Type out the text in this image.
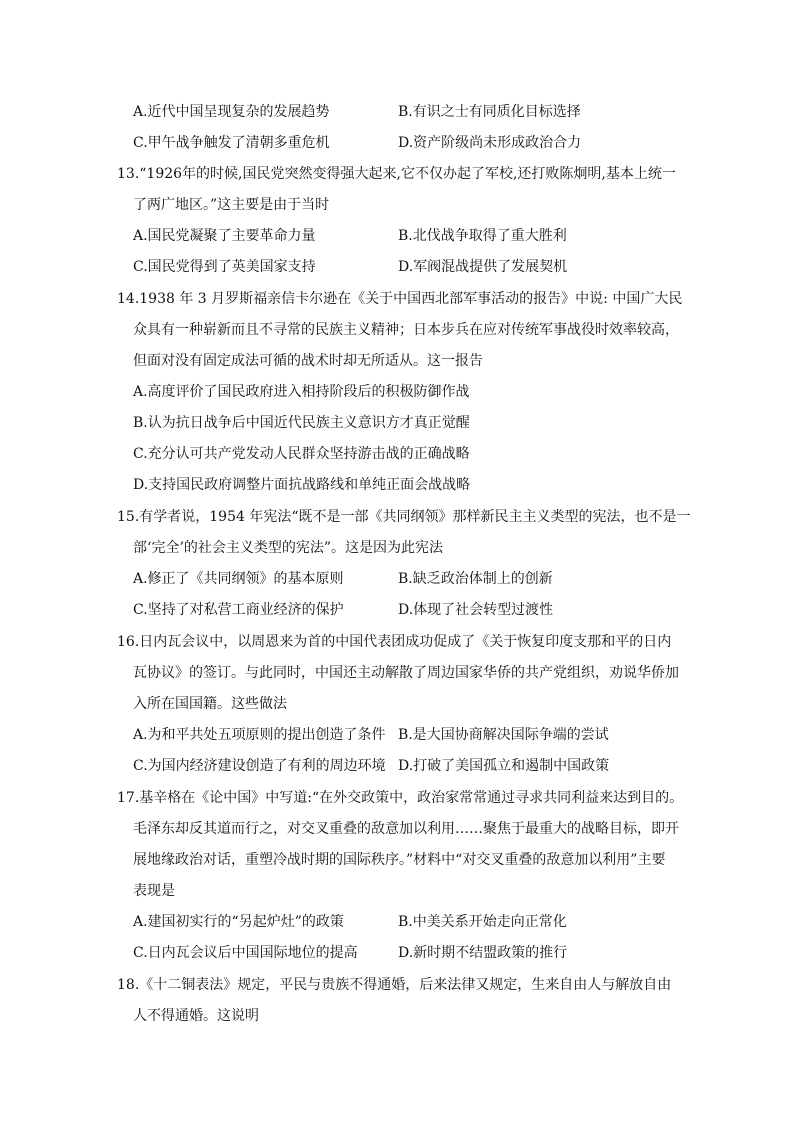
A.近代中国呈现复杂的发展趋势	B.有识之士有同质化目标选择
C.甲午战争触发了清朝多重危机	D.资产阶级尚未形成政治合力
13.“1926年的时候,国民党突然变得强大起来,它不仅办起了军校,还打败陈炯明,基本上统一
了两广地区。”这主要是由于当时
A.国民党凝聚了主要革命力量	B.北伐战争取得了重大胜利
C.国民党得到了英美国家支持	D.军阀混战提供了发展契机
14.1938 年 3 月罗斯福亲信卡尔逊在《关于中国西北部军事活动的报告》中说: 中国广大民
众具有一种崭新而且不寻常的民族主义精神；日本步兵在应对传统军事战役时效率较高，
但面对没有固定成法可循的战术时却无所适从。这一报告
A.高度评价了国民政府进入相持阶段后的积极防御作战
B.认为抗日战争后中国近代民族主义意识方才真正觉醒
C.充分认可共产党发动人民群众坚持游击战的正确战略
D.支持国民政府调整片面抗战路线和单纯正面会战战略
15.有学者说，1954 年宪法“既不是一部《共同纲领》那样新民主主义类型的宪法，也不是一
部‘完全’的社会主义类型的宪法”。这是因为此宪法
A.修正了《共同纲领》的基本原则	B.缺乏政治体制上的创新
C.坚持了对私营工商业经济的保护	D.体现了社会转型过渡性
16.日内瓦会议中，以周恩来为首的中国代表团成功促成了《关于恢复印度支那和平的日内
瓦协议》的签订。与此同时，中国还主动解散了周边国家华侨的共产党组织，劝说华侨加
入所在国国籍。这些做法
A.为和平共处五项原则的提出创造了条件 B.是大国协商解决国际争端的尝试
C.为国内经济建设创造了有利的周边环境 D.打破了美国孤立和遏制中国政策
17.基辛格在《论中国》中写道:“在外交政策中，政治家常常通过寻求共同利益来达到目的。
毛泽东却反其道而行之，对交叉重叠的敌意加以利用……聚焦于最重大的战略目标，即开
展地缘政治对话，重塑冷战时期的国际秩序。”材料中“对交叉重叠的敌意加以利用”主要
表现是
A.建国初实行的“另起炉灶”的政策	B.中美关系开始走向正常化
C.日内瓦会议后中国国际地位的提高	D.新时期不结盟政策的推行
18.《十二铜表法》规定，平民与贵族不得通婚，后来法律又规定，生来自由人与解放自由
人不得通婚。这说明
